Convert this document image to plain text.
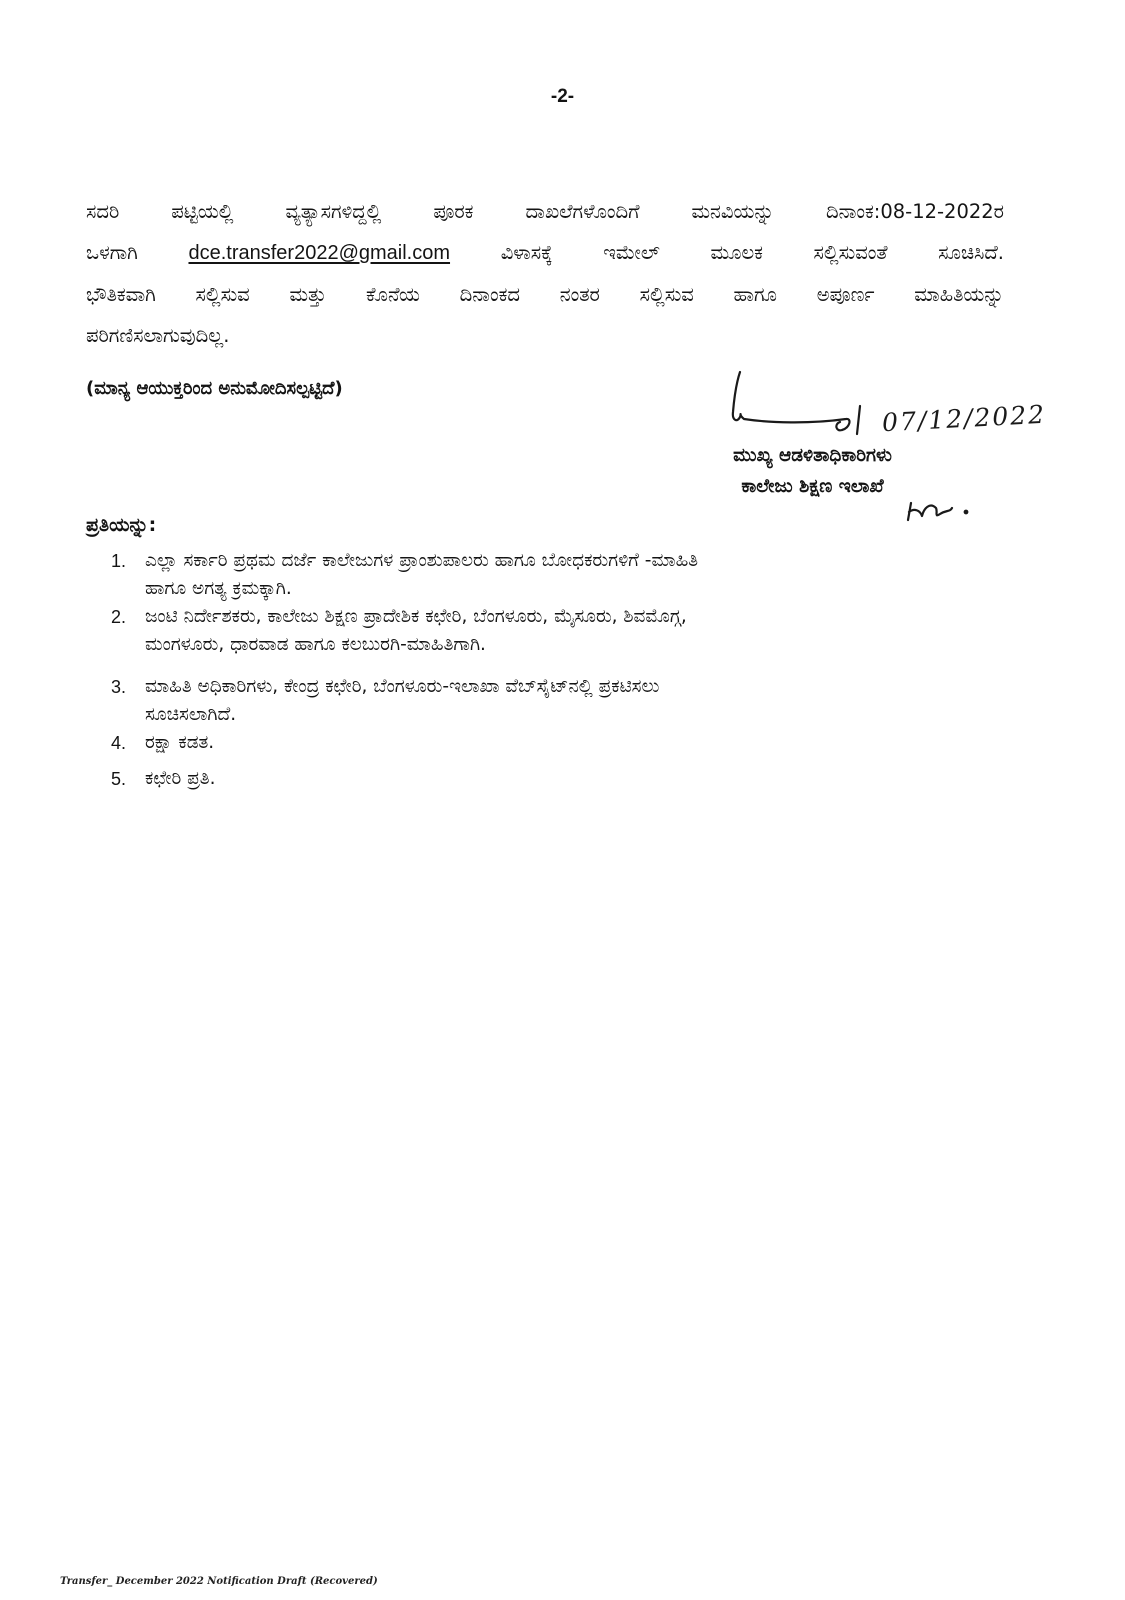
-2-
ಸದರಿ ಪಟ್ಟಿಯಲ್ಲಿ ವ್ಯತ್ಯಾಸಗಳಿದ್ದಲ್ಲಿ ಪೂರಕ ದಾಖಲೆಗಳೊಂದಿಗೆ ಮನವಿಯನ್ನು ದಿನಾಂಕ:08-12-2022ರ
ಒಳಗಾಗಿ	dce.transfer2022@gmail.com	ವಿಳಾಸಕ್ಕೆ ಇಮೇಲ್ ಮೂಲಕ ಸಲ್ಲಿಸುವಂತೆ ಸೂಚಿಸಿದೆ.
ಭೌತಿಕವಾಗಿ ಸಲ್ಲಿಸುವ ಮತ್ತು ಕೊನೆಯ ದಿನಾಂಕದ ನಂತರ ಸಲ್ಲಿಸುವ ಹಾಗೂ ಅಪೂರ್ಣ ಮಾಹಿತಿಯನ್ನು
ಪರಿಗಣಿಸಲಾಗುವುದಿಲ್ಲ.
(ಮಾನ್ಯ ಆಯುಕ್ತರಿಂದ ಅನುಮೋದಿಸಲ್ಪಟ್ಟಿದೆ)
ಪ್ರತಿಯನ್ನು:
1.	ಎಲ್ಲಾ ಸರ್ಕಾರಿ ಪ್ರಥಮ ದರ್ಜೆ ಕಾಲೇಜುಗಳ ಪ್ರಾಂಶುಪಾಲರು ಹಾಗೂ ಬೋಧಕರುಗಳಿಗೆ -ಮಾಹಿತಿ
ಹಾಗೂ ಅಗತ್ಯ ಕ್ರಮಕ್ಕಾಗಿ.
2.	ಜಂಟಿ ನಿರ್ದೇಶಕರು, ಕಾಲೇಜು ಶಿಕ್ಷಣ ಪ್ರಾದೇಶಿಕ ಕಛೇರಿ, ಬೆಂಗಳೂರು, ಮೈಸೂರು, ಶಿವಮೊಗ್ಗ,
ಮಂಗಳೂರು, ಧಾರವಾಡ ಹಾಗೂ ಕಲಬುರಗಿ-ಮಾಹಿತಿಗಾಗಿ.
3.	ಮಾಹಿತಿ ಅಧಿಕಾರಿಗಳು, ಕೇಂದ್ರ ಕಛೇರಿ, ಬೆಂಗಳೂರು-ಇಲಾಖಾ ವೆಬ್‌ಸೈಟ್‌ನಲ್ಲಿ ಪ್ರಕಟಿಸಲು
ಸೂಚಿಸಲಾಗಿದೆ.
4.	ರಕ್ಷಾ ಕಡತ.
5.	ಕಛೇರಿ ಪ್ರತಿ.
07/12/2022
ಮುಖ್ಯ ಆಡಳಿತಾಧಿಕಾರಿಗಳು
ಕಾಲೇಜು ಶಿಕ್ಷಣ ಇಲಾಖೆ
Transfer_ December 2022 Notification Draft (Recovered)
